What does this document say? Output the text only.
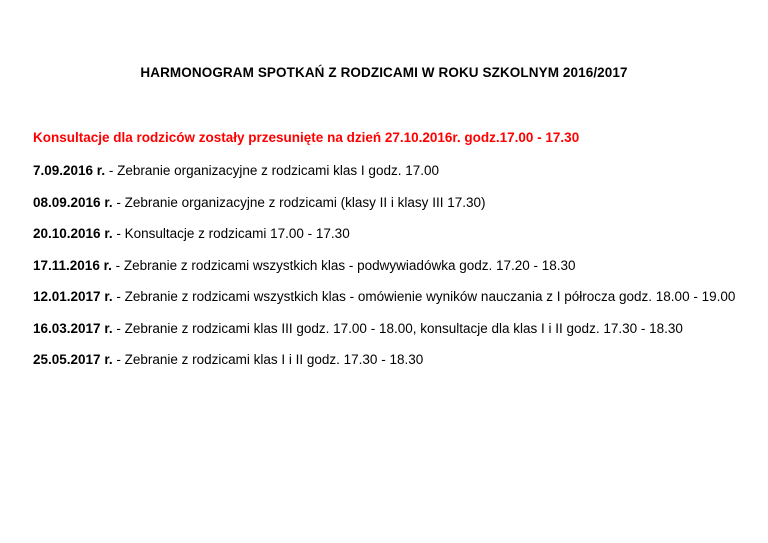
HARMONOGRAM SPOTKAŃ Z RODZICAMI W ROKU SZKOLNYM 2016/2017
Konsultacje dla rodziców zostały przesunięte na dzień 27.10.2016r. godz.17.00 - 17.30
7.09.2016 r. - Zebranie organizacyjne z rodzicami klas I godz. 17.00
08.09.2016 r. - Zebranie organizacyjne z rodzicami (klasy II i klasy III 17.30)
20.10.2016 r. - Konsultacje z rodzicami 17.00 - 17.30
17.11.2016 r. - Zebranie z rodzicami wszystkich klas - podwywiadówka godz. 17.20 - 18.30
12.01.2017 r. - Zebranie z rodzicami wszystkich klas - omówienie wyników nauczania z I półrocza godz. 18.00 - 19.00
16.03.2017 r. - Zebranie z rodzicami klas III godz. 17.00 - 18.00, konsultacje dla klas I i II godz. 17.30 - 18.30
25.05.2017 r. - Zebranie z rodzicami klas I i II godz. 17.30 - 18.30
